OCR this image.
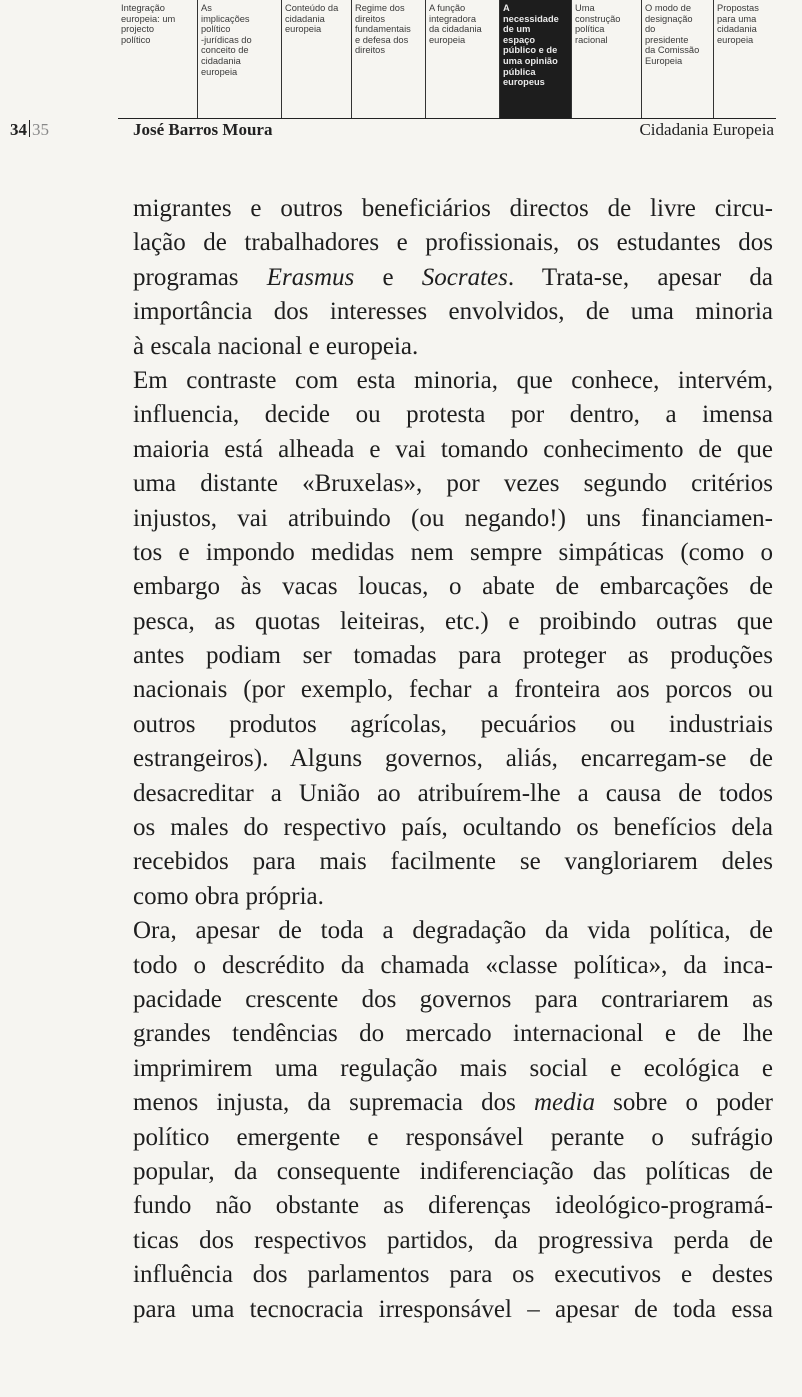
Integração
europeia: um
projecto
político
As
implicações
político
-jurídicas do
conceito de
cidadania
europeia
Conteúdo da
cidadania
europeia
Regime dos
direitos
fundamentais
e defesa dos
direitos
A função
integradora
da cidadania
europeia
A
necessidade
de um
espaço
público e de
uma opinião
pública
europeus
Uma
construção
política
racional
O modo de
designação
do
presidente
da Comissão
Europeia
Propostas
para uma
cidadania
europeia
34 35	José Barros Moura	Cidadania Europeia
migrantes e outros beneficiários directos de livre circu-
lação de trabalhadores e profissionais, os estudantes dos
programas Erasmus e Socrates. Trata-se, apesar da
importância dos interesses envolvidos, de uma minoria
à escala nacional e europeia.
Em contraste com esta minoria, que conhece, intervém,
influencia, decide ou protesta por dentro, a imensa
maioria está alheada e vai tomando conhecimento de que
uma distante «Bruxelas», por vezes segundo critérios
injustos, vai atribuindo (ou negando!) uns financiamen-
tos e impondo medidas nem sempre simpáticas (como o
embargo às vacas loucas, o abate de embarcações de
pesca, as quotas leiteiras, etc.) e proibindo outras que
antes podiam ser tomadas para proteger as produções
nacionais (por exemplo, fechar a fronteira aos porcos ou
outros produtos agrícolas, pecuários ou industriais
estrangeiros). Alguns governos, aliás, encarregam-se de
desacreditar a União ao atribuírem-lhe a causa de todos
os males do respectivo país, ocultando os benefícios dela
recebidos para mais facilmente se vangloriarem deles
como obra própria.
Ora, apesar de toda a degradação da vida política, de
todo o descrédito da chamada «classe política», da inca-
pacidade crescente dos governos para contrariarem as
grandes tendências do mercado internacional e de lhe
imprimirem uma regulação mais social e ecológica e
menos injusta, da supremacia dos media sobre o poder
político emergente e responsável perante o sufrágio
popular, da consequente indiferenciação das políticas de
fundo não obstante as diferenças ideológico-programá-
ticas dos respectivos partidos, da progressiva perda de
influência dos parlamentos para os executivos e destes
para uma tecnocracia irresponsável – apesar de toda essa
